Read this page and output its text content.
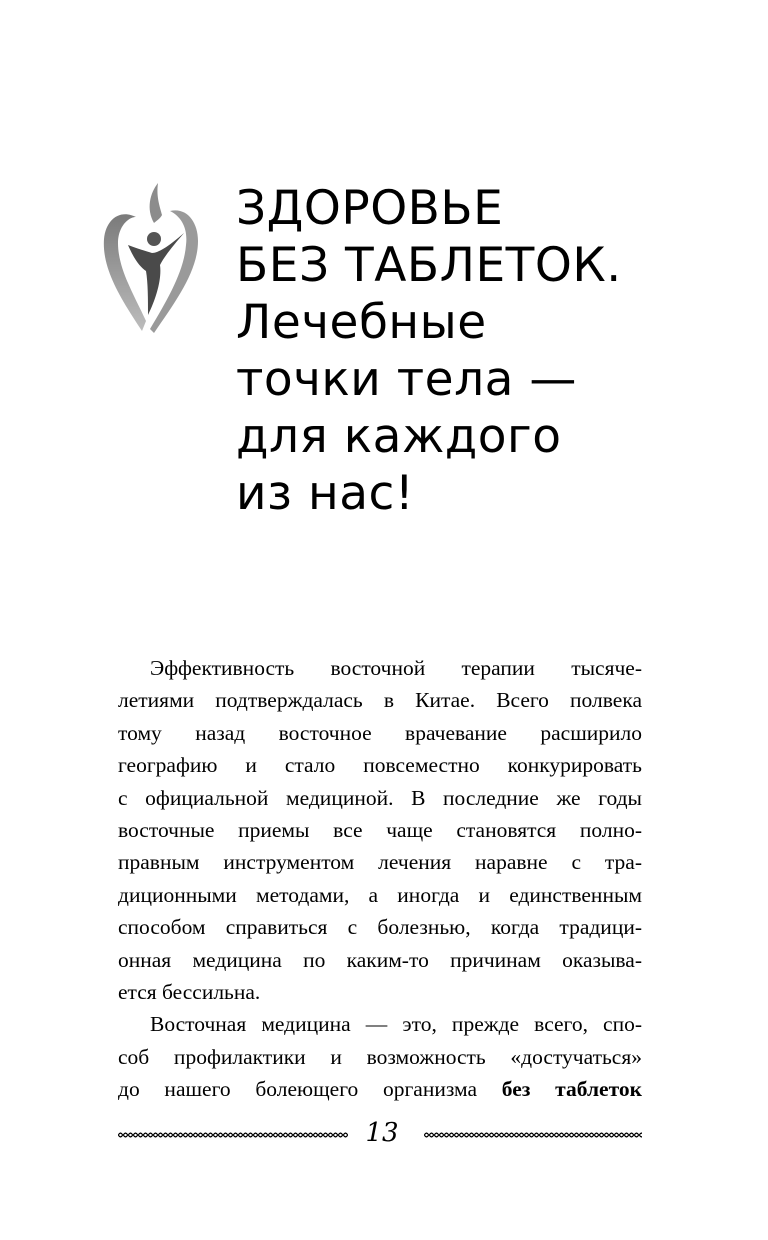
ЗДОРОВЬЕ
БЕЗ ТАБЛЕТОК.
Лечебные
точки тела —
для каждого
из нас!
Эффективность восточной терапии тысяче-
летиями подтверждалась в Китае. Всего полвека
тому назад восточное врачевание расширило
географию и стало повсеместно конкурировать
с официальной медициной. В последние же годы
восточные приемы все чаще становятся полно-
правным инструментом лечения наравне с тра-
диционными методами, а иногда и единственным
способом справиться с болезнью, когда традици-
онная медицина по каким-то причинам оказыва-
ется бессильна.
Восточная медицина — это, прежде всего, спо-
соб профилактики и возможность «достучаться»
до нашего болеющего организма без таблеток
13
